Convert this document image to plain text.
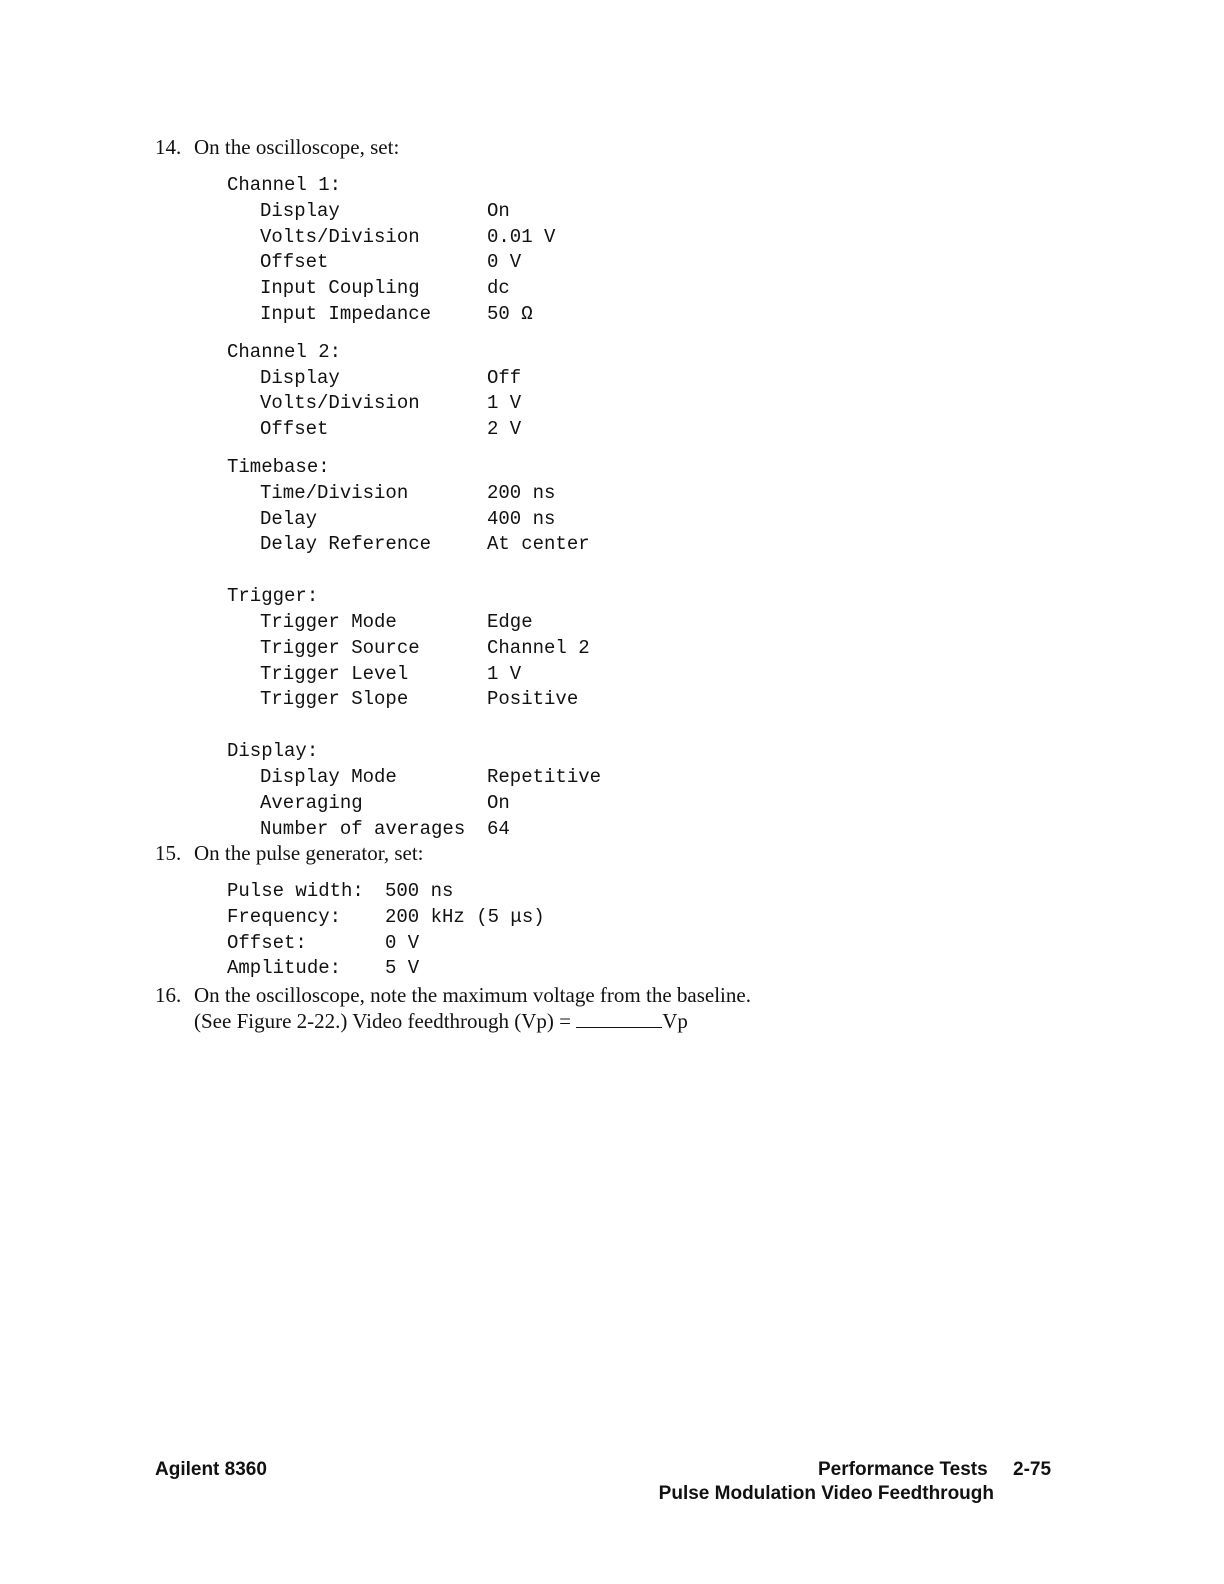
14. On the oscilloscope, set:
Channel 1:
Display	On
Volts/Division	0.01 V
Offset	0 V
Input Coupling	dc
Input Impedance	50 Ω
Channel 2:
Display	Off
Volts/Division	1 V
Offset	2 V
Timebase:
Time/Division	200 ns
Delay	400 ns
Delay Reference	At center
Trigger:
Trigger Mode	Edge
Trigger Source	Channel 2
Trigger Level	1 V
Trigger Slope	Positive
Display:
Display Mode	Repetitive
Averaging	On
Number of averages 64
15. On the pulse generator, set:
Pulse width: 500 ns
Frequency: 200 kHz (5 μs)
Offset:	0 V
Amplitude: 5 V
16. On the oscilloscope, note the maximum voltage from the baseline.
(See Figure 2-22.) Video feedthrough (Vp) =	Vp
Agilent 8360	Performance Tests 2-75
Pulse Modulation Video Feedthrough
